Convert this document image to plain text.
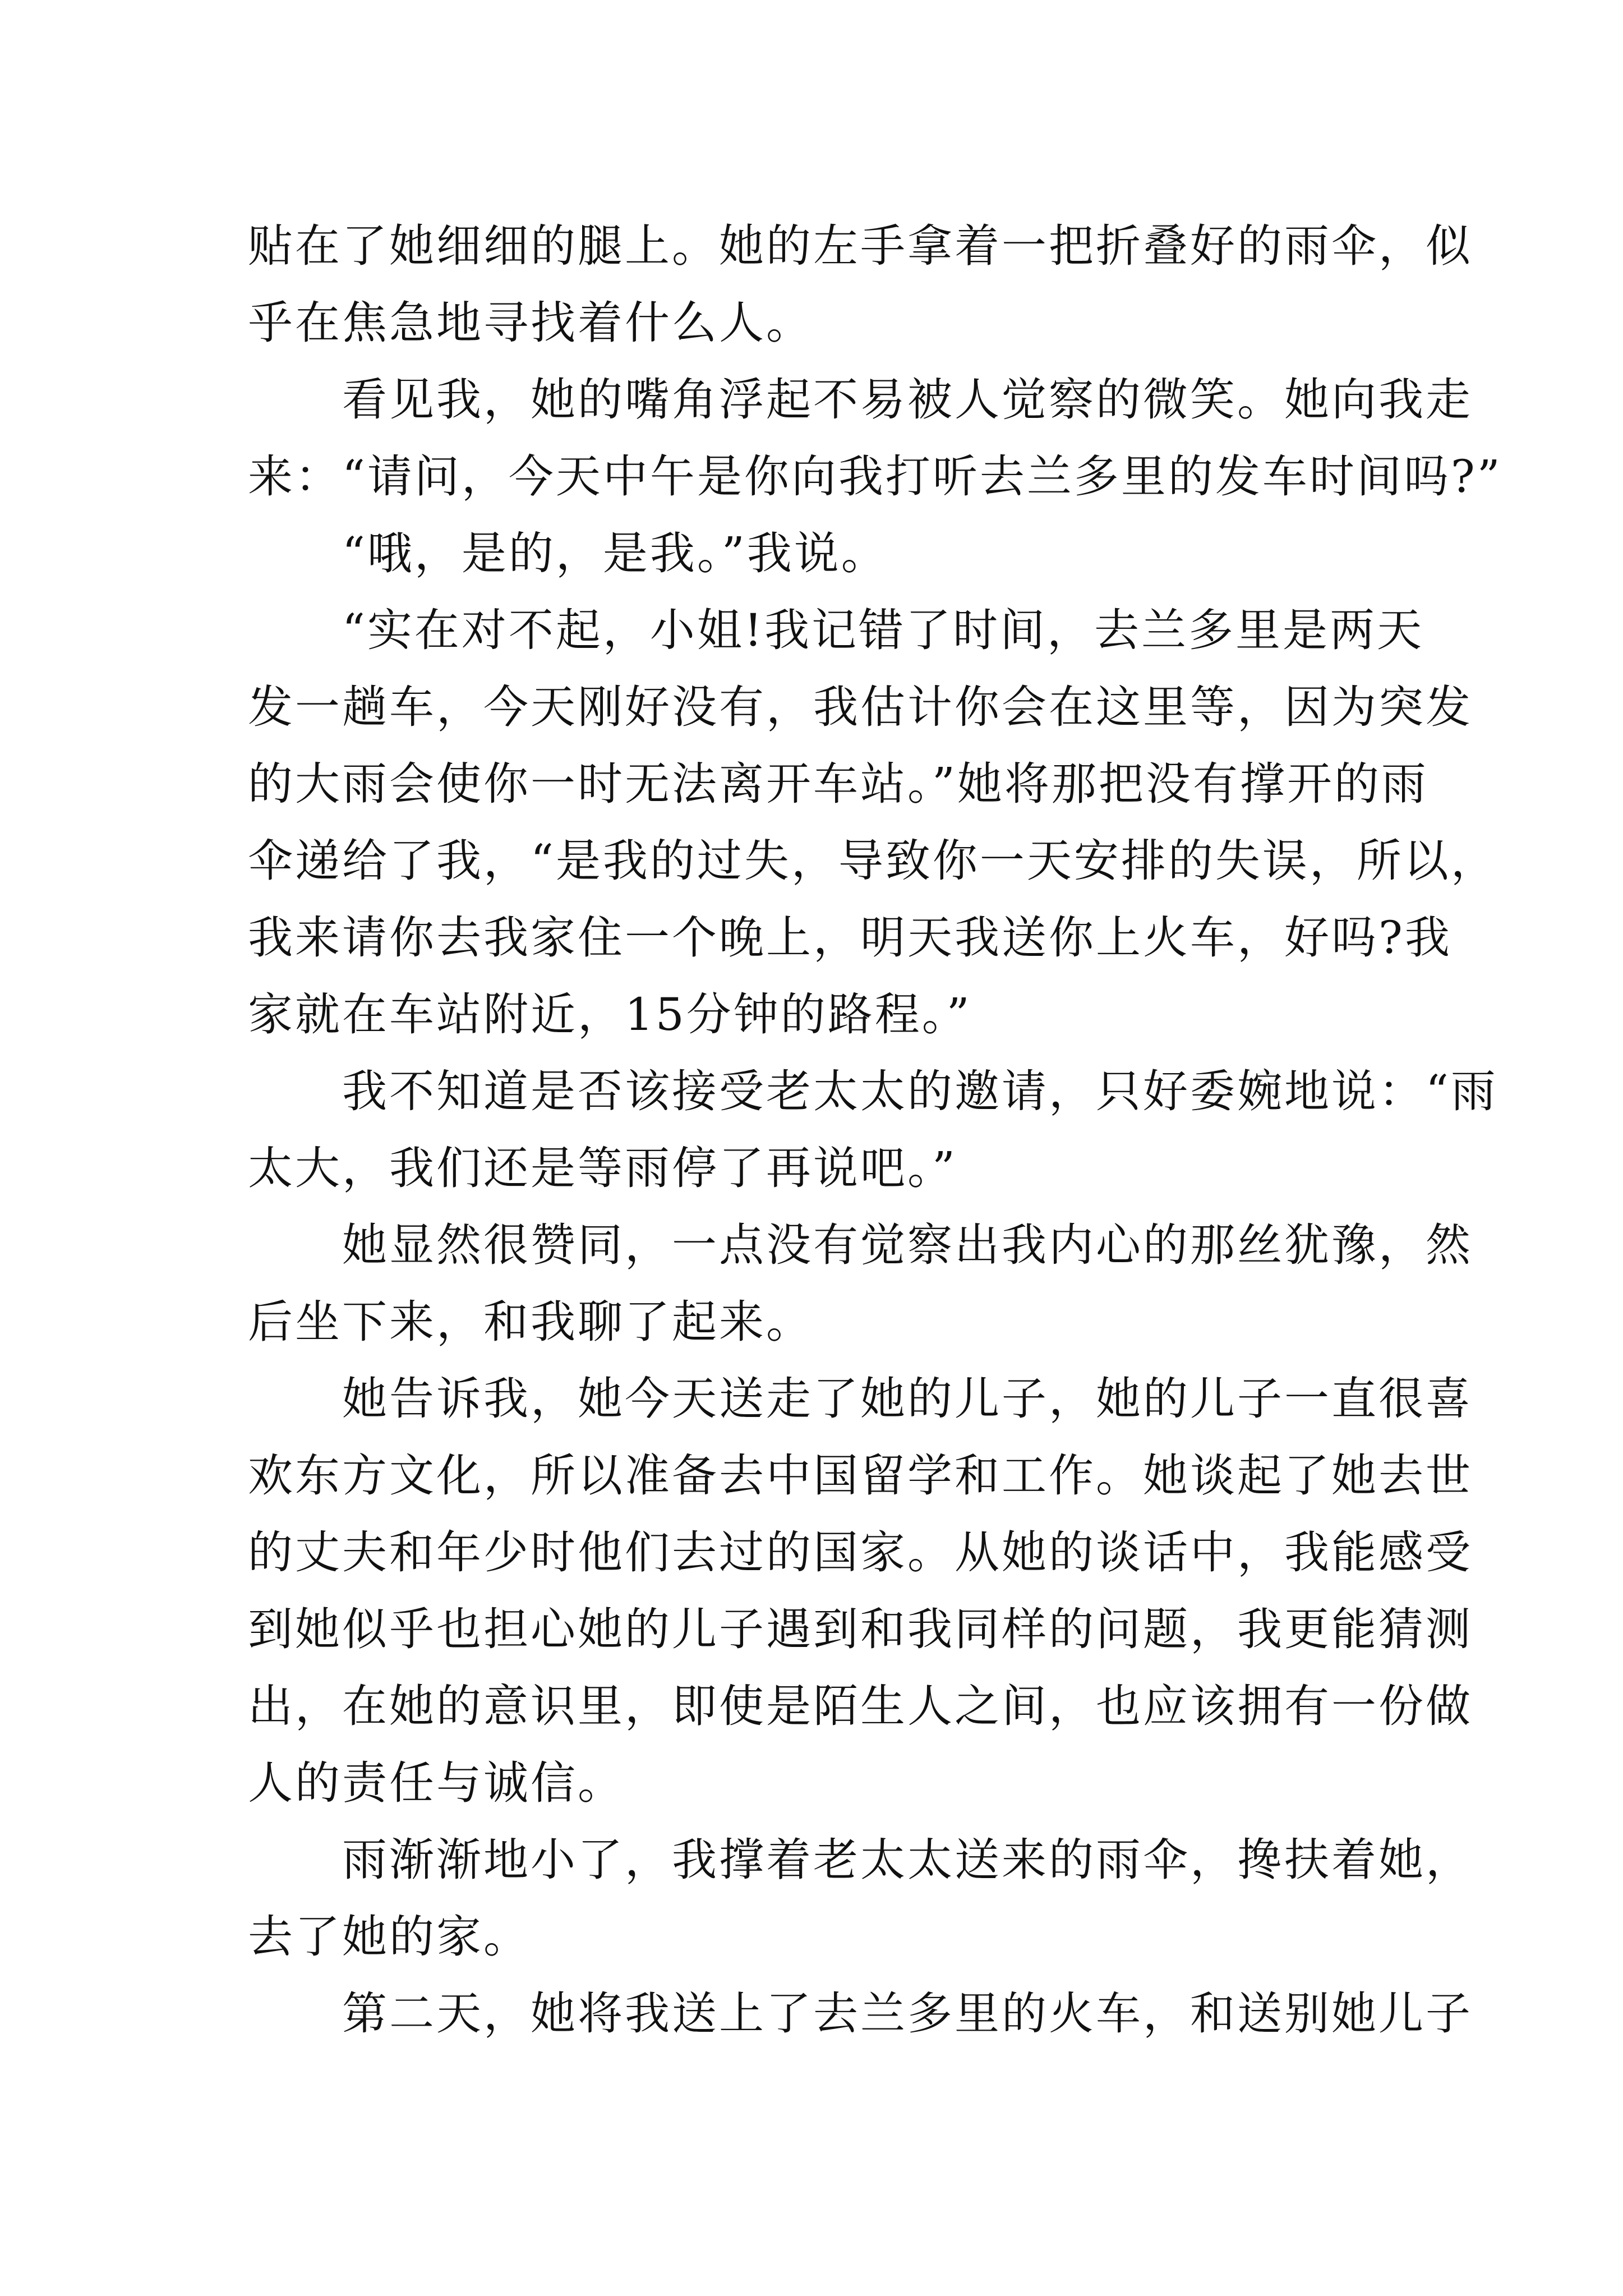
贴在了她细细的腿上。她的左手拿着一把折叠好的雨伞，似
乎在焦急地寻找着什么人。
看见我，她的嘴角浮起不易被人觉察的微笑。她向我走
来：“请问，今天中午是你向我打听去兰多里的发车时间吗?”
“哦，是的，是我。”我说。
“实在对不起，小姐!我记错了时间，去兰多里是两天
发一趟车，今天刚好没有，我估计你会在这里等，因为突发
的大雨会使你一时无法离开车站。”她将那把没有撑开的雨
伞递给了我，“是我的过失，导致你一天安排的失误，所以，
我来请你去我家住一个晚上，明天我送你上火车，好吗?我
家就在车站附近，15分钟的路程。”
我不知道是否该接受老太太的邀请，只好委婉地说：“雨
太大，我们还是等雨停了再说吧。”
她显然很赞同，一点没有觉察出我内心的那丝犹豫，然
后坐下来，和我聊了起来。
她告诉我，她今天送走了她的儿子，她的儿子一直很喜
欢东方文化，所以准备去中国留学和工作。她谈起了她去世
的丈夫和年少时他们去过的国家。从她的谈话中，我能感受
到她似乎也担心她的儿子遇到和我同样的问题，我更能猜测
出，在她的意识里，即使是陌生人之间，也应该拥有一份做
人的责任与诚信。
雨渐渐地小了，我撑着老太太送来的雨伞，搀扶着她，
去了她的家。
第二天，她将我送上了去兰多里的火车，和送别她儿子
